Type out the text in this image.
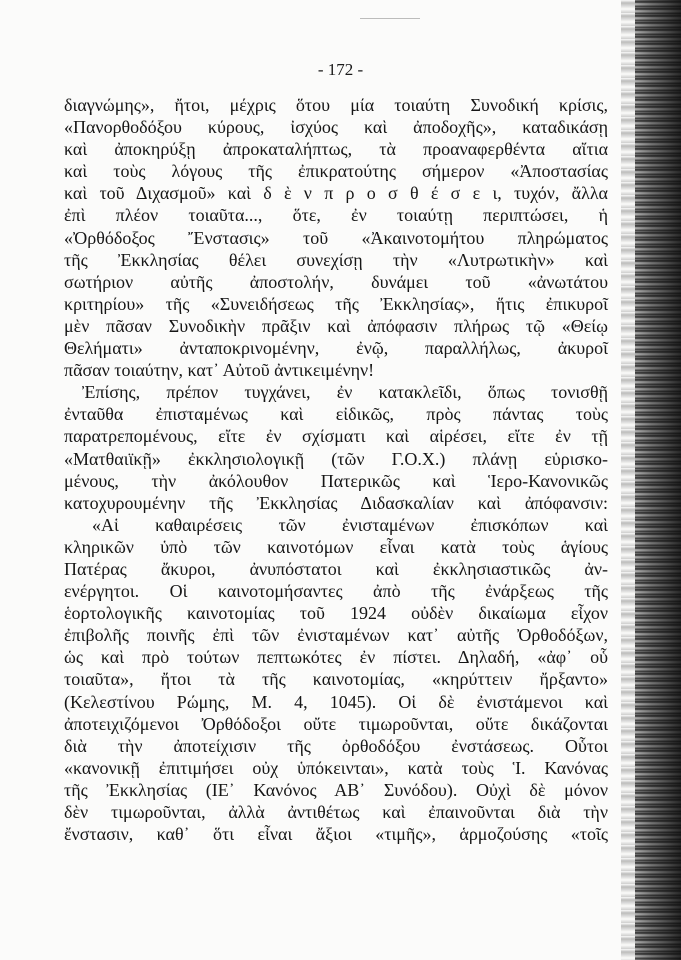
- 172 -
διαγνώμης», ἤτοι, μέχρις ὅτου μία τοιαύτη Συνοδική κρίσις,
«Πανορθοδόξου κύρους, ἰσχύος καὶ ἀποδοχῆς», καταδικάσῃ
καὶ ἀποκηρύξῃ ἀπροκαταλήπτως, τὰ προαναφερθέντα αἴτια
καὶ τοὺς λόγους τῆς ἐπικρατούτης σήμερον «Ἀποστασίας
καὶ τοῦ Διχασμοῦ» καὶ δ ὲ ν π ρ ο σ θ έ σ ε ι, τυχόν, ἄλλα
ἐπὶ πλέον τοιαῦτα..., ὅτε, ἐν τοιαύτῃ περιπτώσει, ἡ
«Ὀρθόδοξος Ἔνστασις» τοῦ «Ἀκαινοτομήτου πληρώματος
τῆς Ἐκκλησίας θέλει συνεχίσῃ τὴν «Λυτρωτικὴν» καὶ
σωτήριον αὐτῆς ἀποστολήν, δυνάμει τοῦ «ἀνωτάτου
κριτηρίου» τῆς «Συνειδήσεως τῆς Ἐκκλησίας», ἥτις ἐπικυροῖ
μὲν πᾶσαν Συνοδικὴν πρᾶξιν καὶ ἀπόφασιν πλήρως τῷ «Θείῳ
Θελήματι» ἀνταποκρινομένην, ἐνῷ, παραλλήλως, ἀκυροῖ
πᾶσαν τοιαύτην, κατ᾽ Αὐτοῦ ἀντικειμένην!
Ἐπίσης, πρέπον τυγχάνει, ἐν κατακλεῖδι, ὅπως τονισθῇ
ἐνταῦθα ἐπισταμένως καὶ εἰδικῶς, πρὸς πάντας τοὺς
παρατρεπομένους, εἴτε ἐν σχίσματι καὶ αἱρέσει, εἴτε ἐν τῇ
«Ματθαιϊκῇ» ἐκκλησιολογικῇ (τῶν Γ.Ο.Χ.) πλάνῃ εὑρισκο-
μένους, τὴν ἀκόλουθον Πατερικῶς καὶ Ἱερο-Κανονικῶς
κατοχυρουμένην τῆς Ἐκκλησίας Διδασκαλίαν καὶ ἀπόφανσιν:
«Αἱ καθαιρέσεις τῶν ἐνισταμένων ἐπισκόπων καὶ
κληρικῶν ὑπὸ τῶν καινοτόμων εἶναι κατὰ τοὺς ἁγίους
Πατέρας ἄκυροι, ἀνυπόστατοι καὶ ἐκκλησιαστικῶς ἀν-
ενέργητοι. Οἱ καινοτομήσαντες ἀπὸ τῆς ἐνάρξεως τῆς
ἑορτολογικῆς καινοτομίας τοῦ 1924 οὐδὲν δικαίωμα εἶχον
ἐπιβολῆς ποινῆς ἐπὶ τῶν ἐνισταμένων κατ᾽ αὐτῆς Ὀρθοδόξων,
ὡς καὶ πρὸ τούτων πεπτωκότες ἐν πίστει. Δηλαδή, «ἀφ᾽ οὗ
τοιαῦτα», ἤτοι τὰ τῆς καινοτομίας, «κηρύττειν ἤρξαντο»
(Κελεστίνου Ρώμης, Μ. 4, 1045). Οἱ δὲ ἐνιστάμενοι καὶ
ἀποτειχιζόμενοι Ὀρθόδοξοι οὔτε τιμωροῦνται, οὔτε δικάζονται
διὰ τὴν ἀποτείχισιν τῆς ὀρθοδόξου ἐνστάσεως. Οὗτοι
«κανονικῇ ἐπιτιμήσει οὐχ ὑπόκεινται», κατὰ τοὺς Ἱ. Κανόνας
τῆς Ἐκκλησίας (ΙΕ᾽ Κανόνος ΑΒ᾽ Συνόδου). Οὐχὶ δὲ μόνον
δὲν τιμωροῦνται, ἀλλὰ ἀντιθέτως καὶ ἐπαινοῦνται διὰ τὴν
ἔνστασιν, καθ᾽ ὅτι εἶναι ἄξιοι «τιμῆς», ἁρμοζούσης «τοῖς
